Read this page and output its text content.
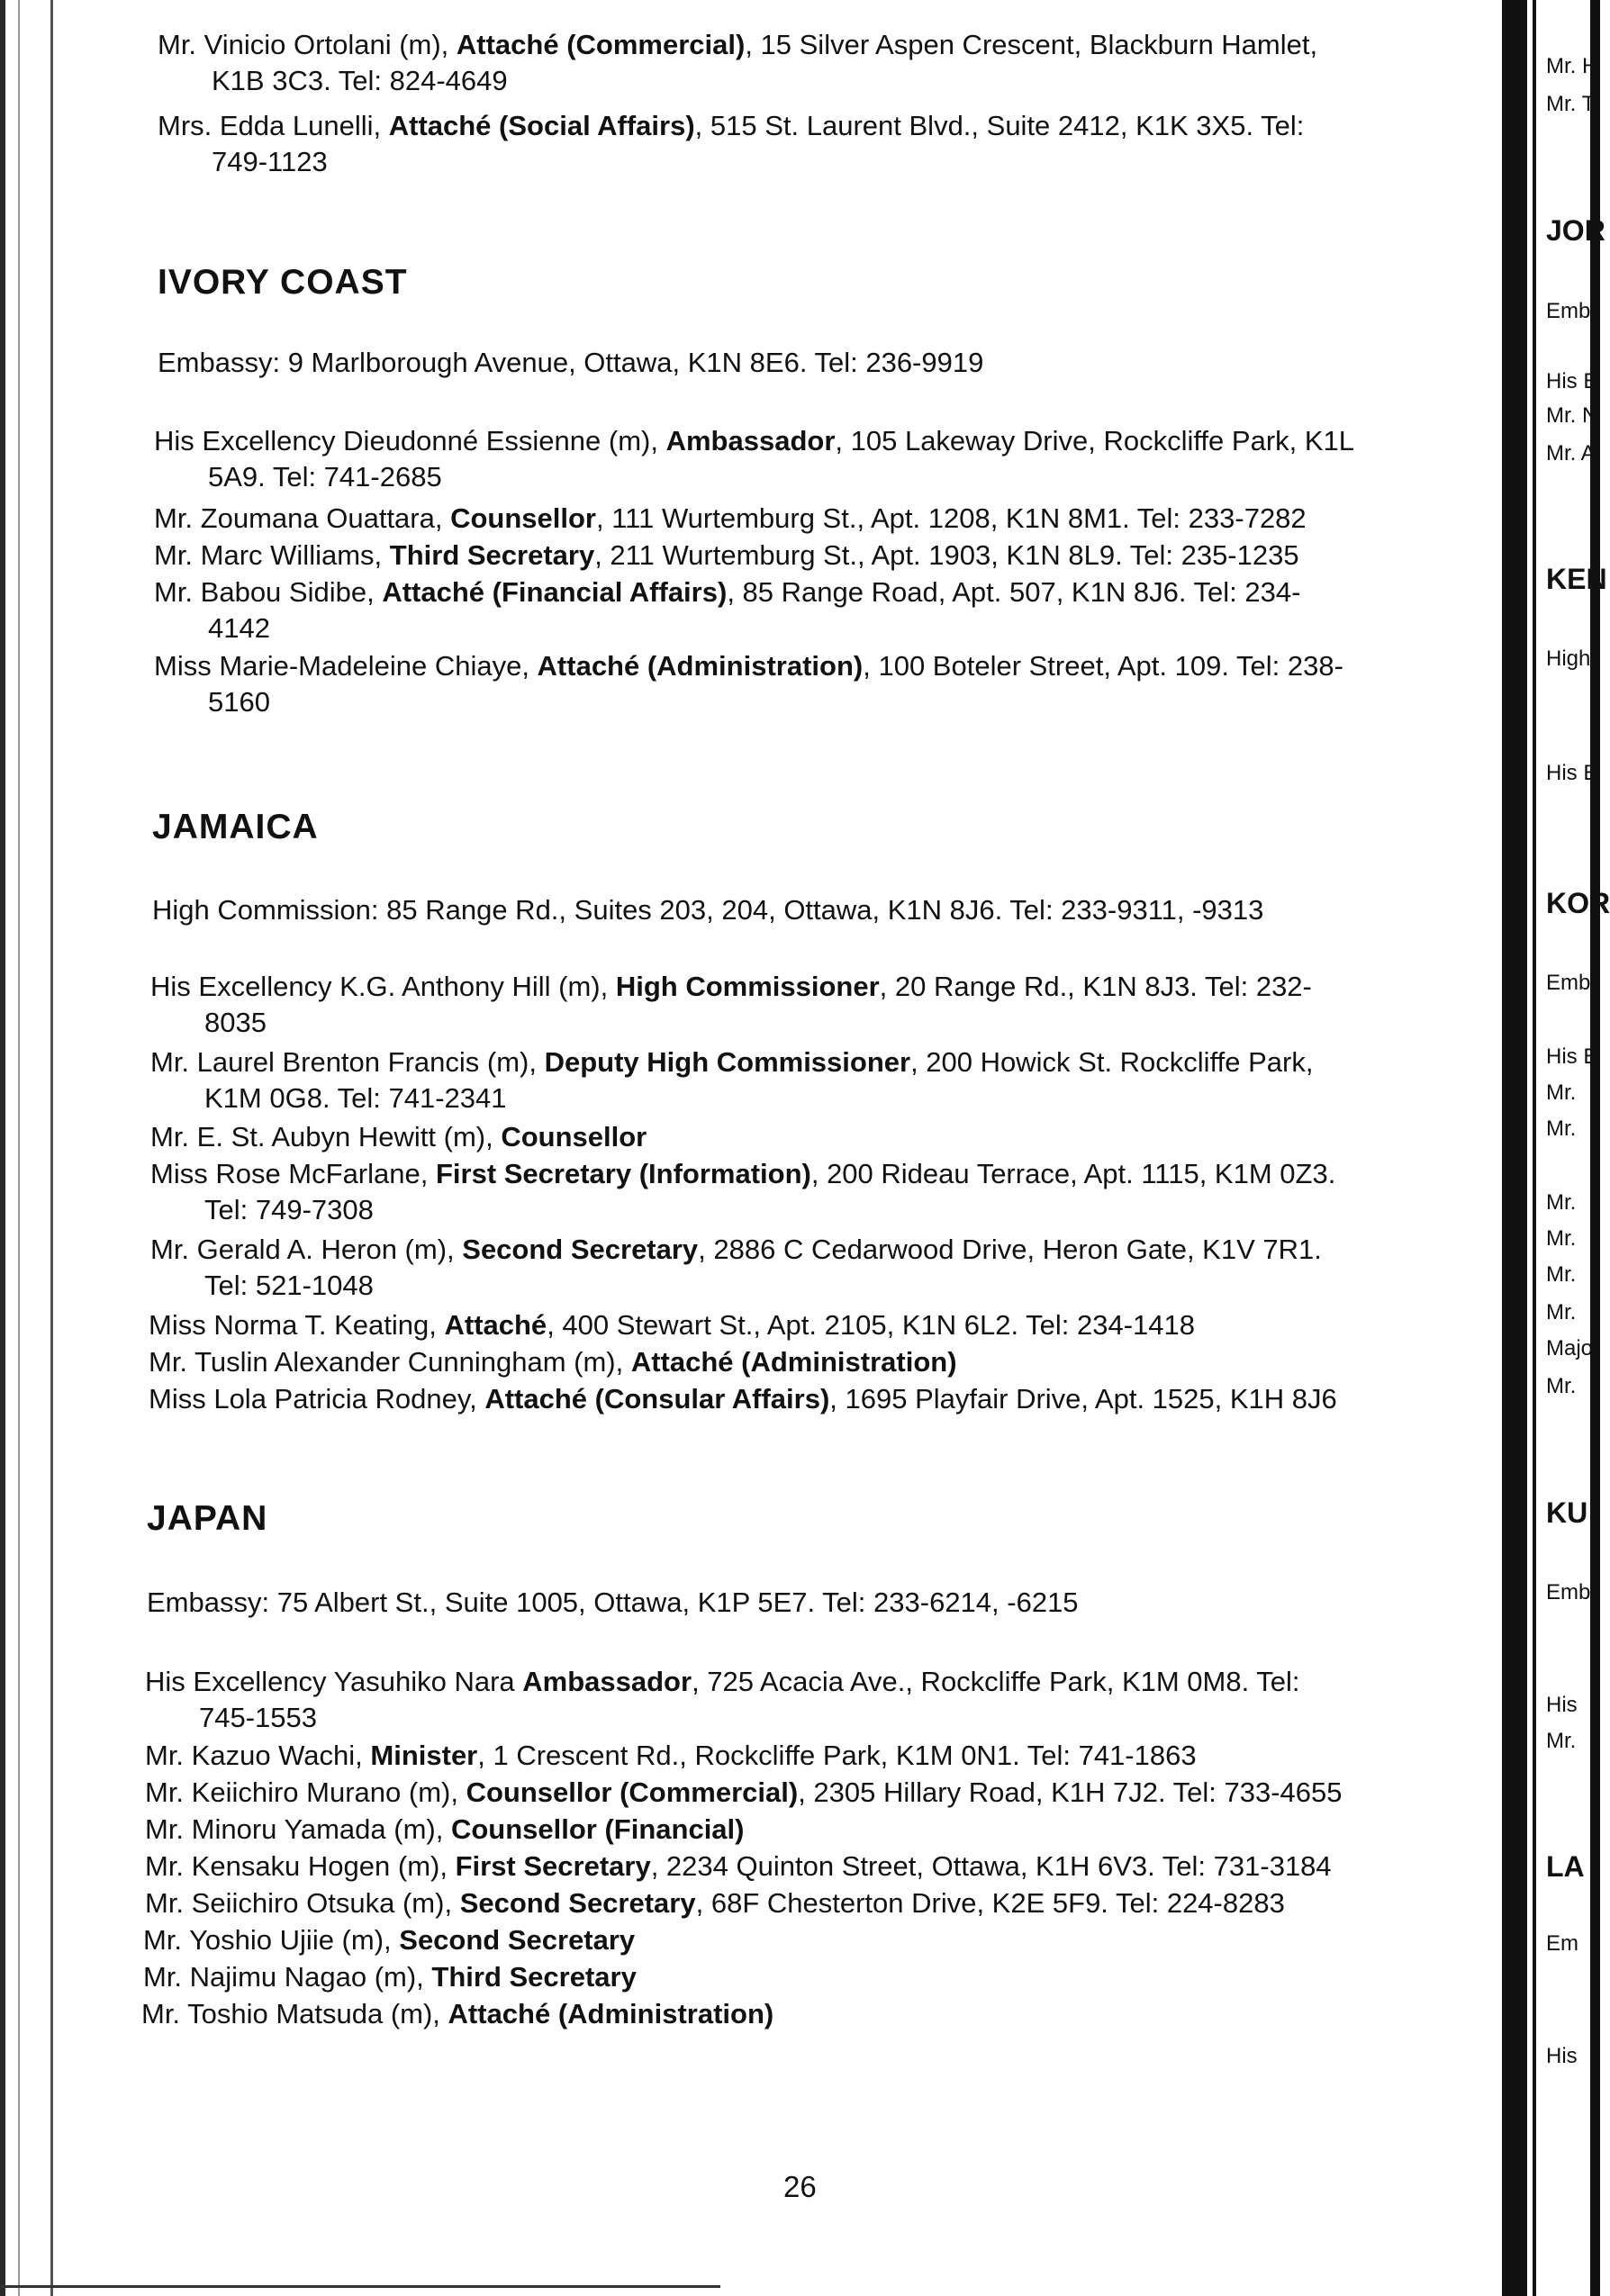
Mr. Vinicio Ortolani (m), Attaché (Commercial), 15 Silver Aspen Crescent, Blackburn Hamlet,
K1B 3C3. Tel: 824-4649
Mrs. Edda Lunelli, Attaché (Social Affairs), 515 St. Laurent Blvd., Suite 2412, K1K 3X5. Tel:
749-1123
IVORY COAST
Embassy: 9 Marlborough Avenue, Ottawa, K1N 8E6. Tel: 236-9919
His Excellency Dieudonné Essienne (m), Ambassador, 105 Lakeway Drive, Rockcliffe Park, K1L
5A9. Tel: 741-2685
Mr. Zoumana Ouattara, Counsellor, 111 Wurtemburg St., Apt. 1208, K1N 8M1. Tel: 233-7282
Mr. Marc Williams, Third Secretary, 211 Wurtemburg St., Apt. 1903, K1N 8L9. Tel: 235-1235
Mr. Babou Sidibe, Attaché (Financial Affairs), 85 Range Road, Apt. 507, K1N 8J6. Tel: 234-
4142
Miss Marie-Madeleine Chiaye, Attaché (Administration), 100 Boteler Street, Apt. 109. Tel: 238-
5160
JAMAICA
High Commission: 85 Range Rd., Suites 203, 204, Ottawa, K1N 8J6. Tel: 233-9311, -9313
His Excellency K.G. Anthony Hill (m), High Commissioner, 20 Range Rd., K1N 8J3. Tel: 232-
8035
Mr. Laurel Brenton Francis (m), Deputy High Commissioner, 200 Howick St. Rockcliffe Park,
K1M 0G8. Tel: 741-2341
Mr. E. St. Aubyn Hewitt (m), Counsellor
Miss Rose McFarlane, First Secretary (Information), 200 Rideau Terrace, Apt. 1115, K1M 0Z3.
Tel: 749-7308
Mr. Gerald A. Heron (m), Second Secretary, 2886 C Cedarwood Drive, Heron Gate, K1V 7R1.
Tel: 521-1048
Miss Norma T. Keating, Attaché, 400 Stewart St., Apt. 2105, K1N 6L2. Tel: 234-1418
Mr. Tuslin Alexander Cunningham (m), Attaché (Administration)
Miss Lola Patricia Rodney, Attaché (Consular Affairs), 1695 Playfair Drive, Apt. 1525, K1H 8J6
JAPAN
Embassy: 75 Albert St., Suite 1005, Ottawa, K1P 5E7. Tel: 233-6214, -6215
His Excellency Yasuhiko Nara Ambassador, 725 Acacia Ave., Rockcliffe Park, K1M 0M8. Tel:
745-1553
Mr. Kazuo Wachi, Minister, 1 Crescent Rd., Rockcliffe Park, K1M 0N1. Tel: 741-1863
Mr. Keiichiro Murano (m), Counsellor (Commercial), 2305 Hillary Road, K1H 7J2. Tel: 733-4655
Mr. Minoru Yamada (m), Counsellor (Financial)
Mr. Kensaku Hogen (m), First Secretary, 2234 Quinton Street, Ottawa, K1H 6V3. Tel: 731-3184
Mr. Seiichiro Otsuka (m), Second Secretary, 68F Chesterton Drive, K2E 5F9. Tel: 224-8283
Mr. Yoshio Ujiie (m), Second Secretary
Mr. Najimu Nagao (m), Third Secretary
Mr. Toshio Matsuda (m), Attaché (Administration)
26
Mr. H
Mr. T
JOR
Emb
His E
Mr. N
Mr. A
KEN
High
His E
KOR
Emb
His E
Mr.
Mr.
Mr.
Mr.
Mr.
Mr.
Majo
Mr.
KU
Emb
His
Mr.
LA
Em
His
